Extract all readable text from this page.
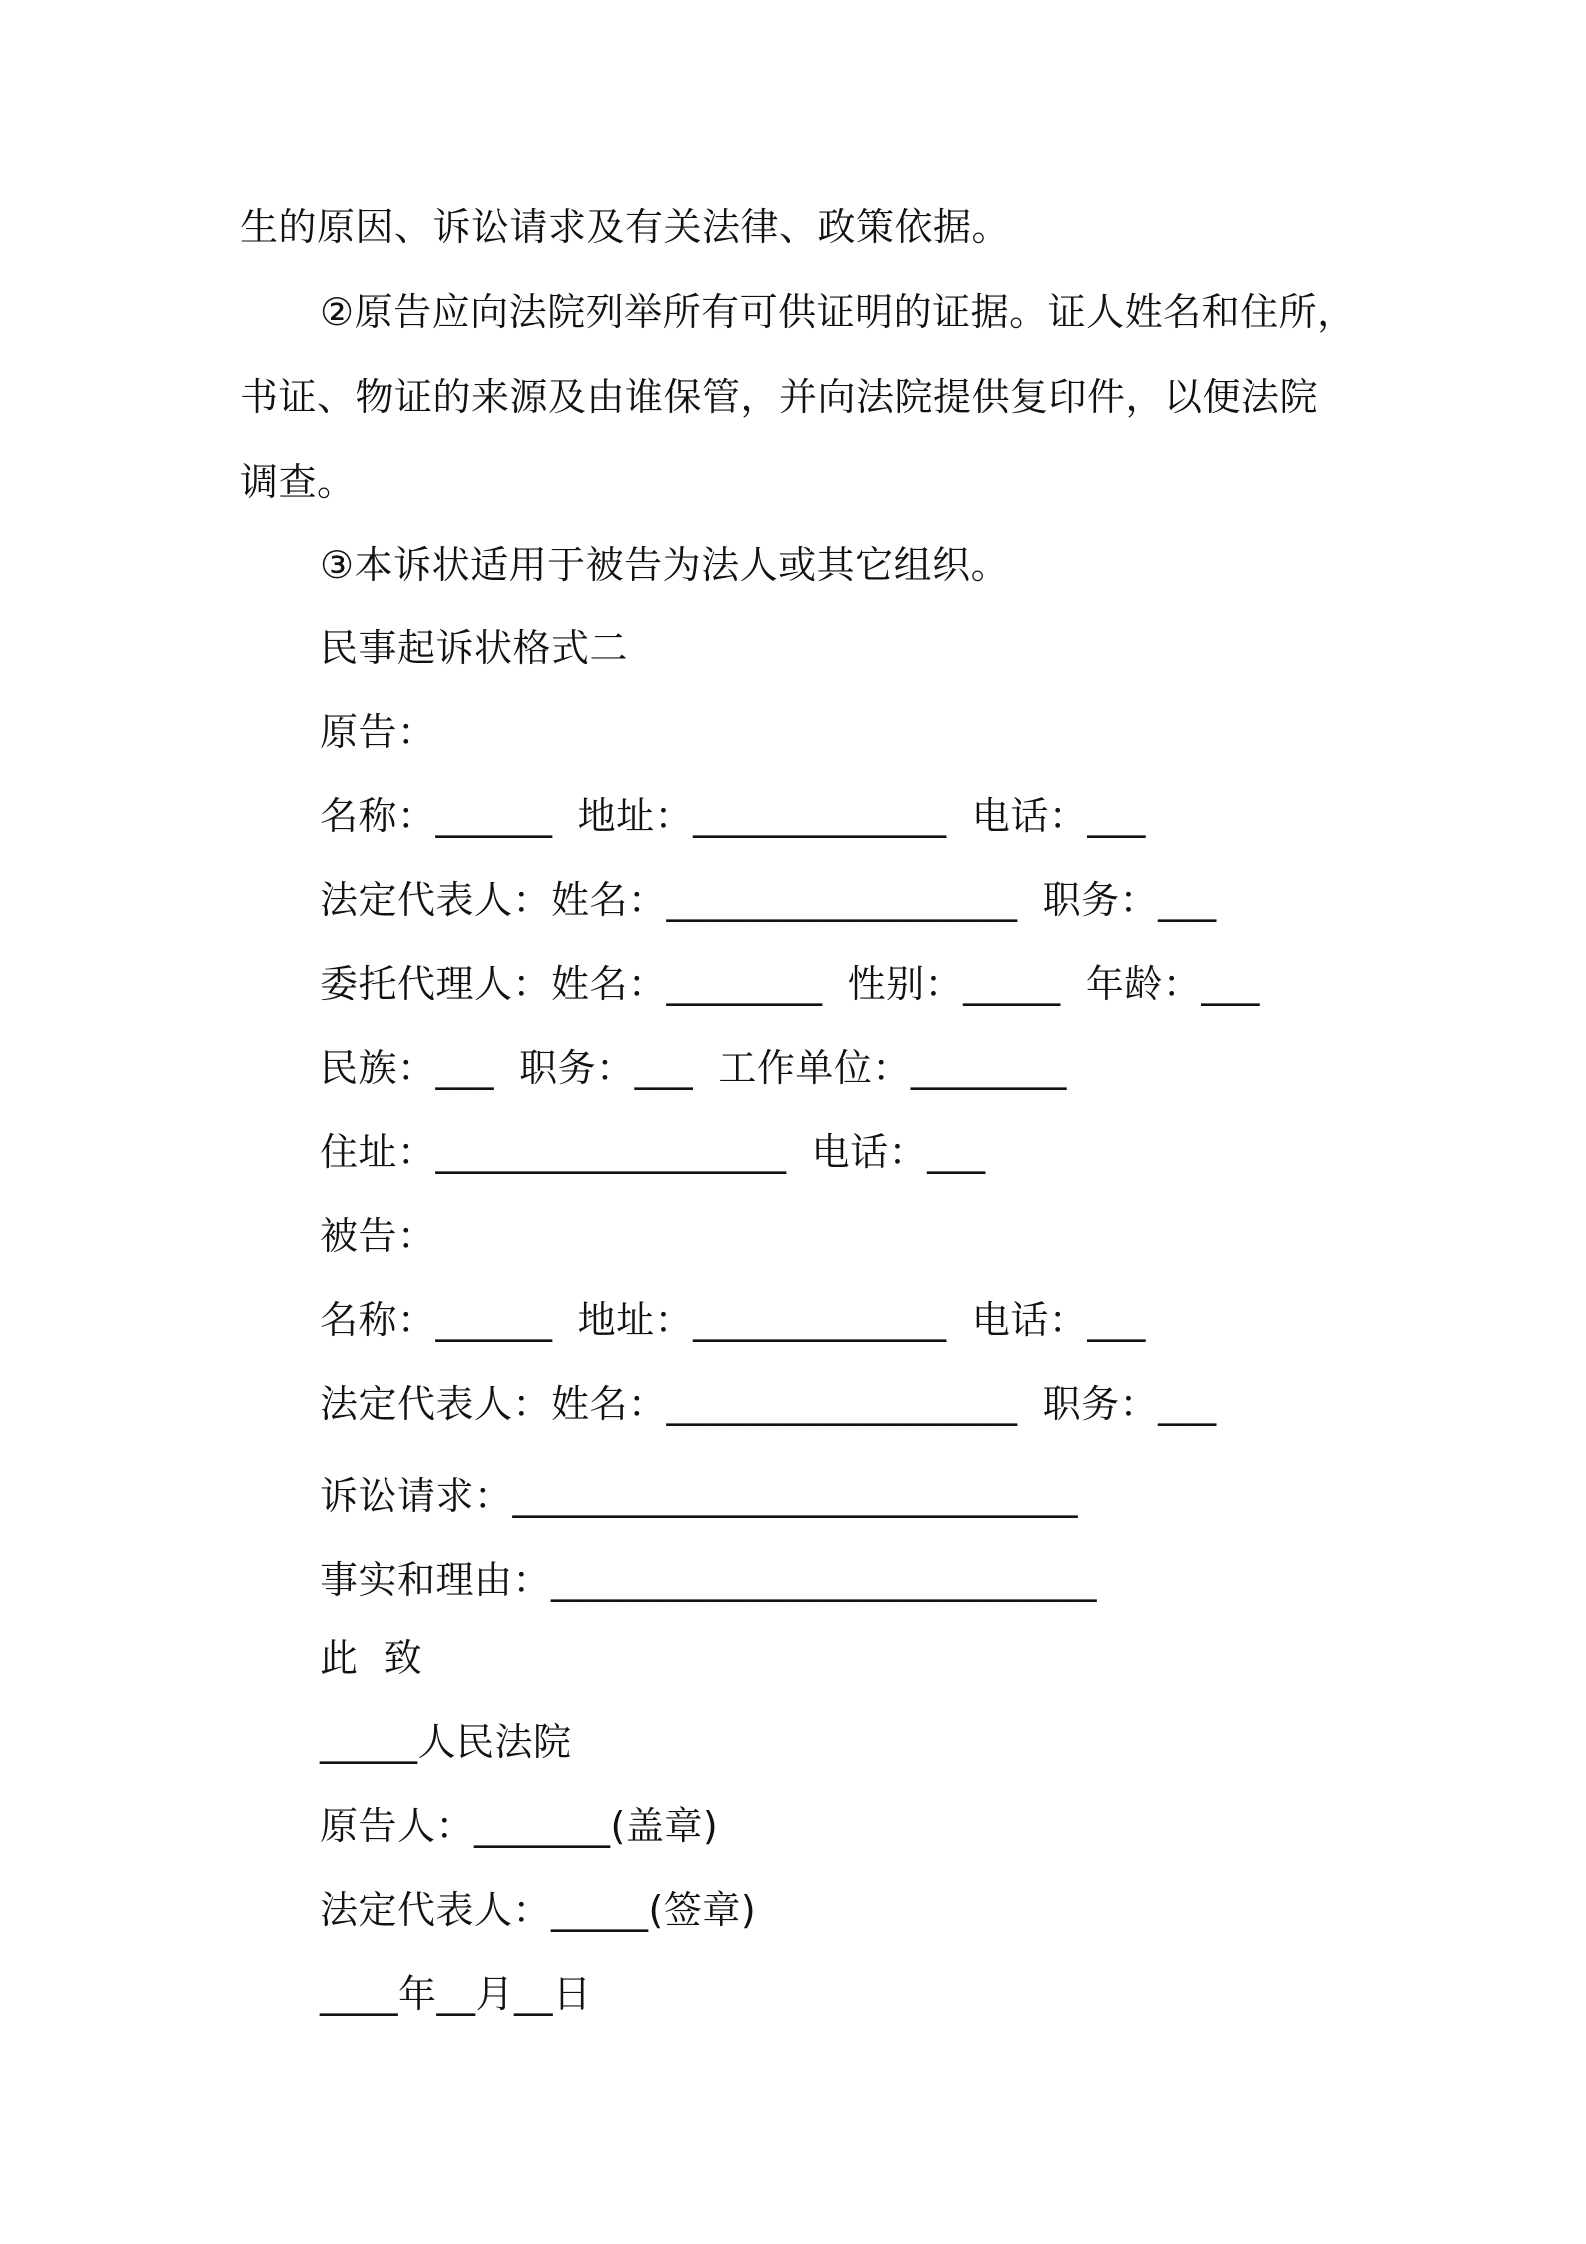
生的原因、诉讼请求及有关法律、政策依据。
②原告应向法院列举所有可供证明的证据。证人姓名和住所，
书证、物证的来源及由谁保管，并向法院提供复印件，以便法院
调查。
③本诉状适用于被告为法人或其它组织。
民事起诉状格式二
原告：
名称：______  地址：_____________  电话：___
法定代表人：姓名：__________________  职务：___
委托代理人：姓名：________  性别：_____  年龄：___
民族：___  职务：___  工作单位：________
住址：__________________  电话：___
被告：
名称：______  地址：_____________  电话：___
法定代表人：姓名：__________________  职务：___
诉讼请求：_____________________________
事实和理由：____________________________
此  致
_____人民法院
原告人：_______(盖章)
法定代表人：_____(签章)
____年__月__日
